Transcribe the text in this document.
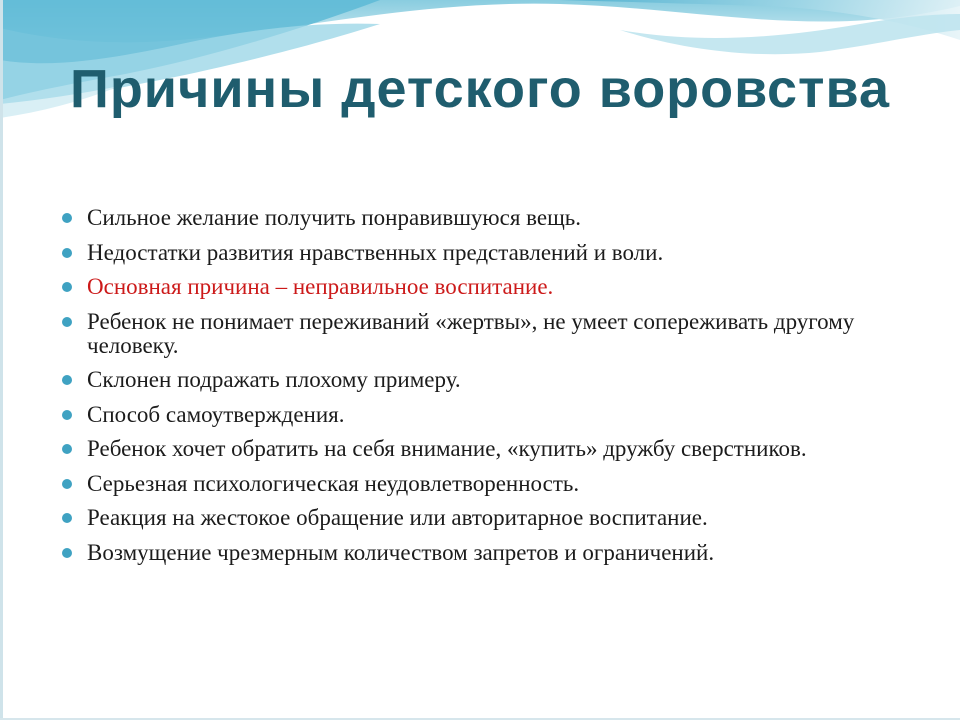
Причины детского воровства
Сильное желание получить понравившуюся вещь.
Недостатки развития нравственных представлений и воли.
Основная причина – неправильное воспитание.
Ребенок не понимает переживаний «жертвы», не умеет сопереживать другому человеку.
Склонен подражать плохому примеру.
Способ самоутверждения.
Ребенок хочет обратить на себя внимание, «купить» дружбу сверстников.
Серьезная психологическая неудовлетворенность.
Реакция на жестокое обращение или авторитарное воспитание.
Возмущение чрезмерным количеством запретов и ограничений.
